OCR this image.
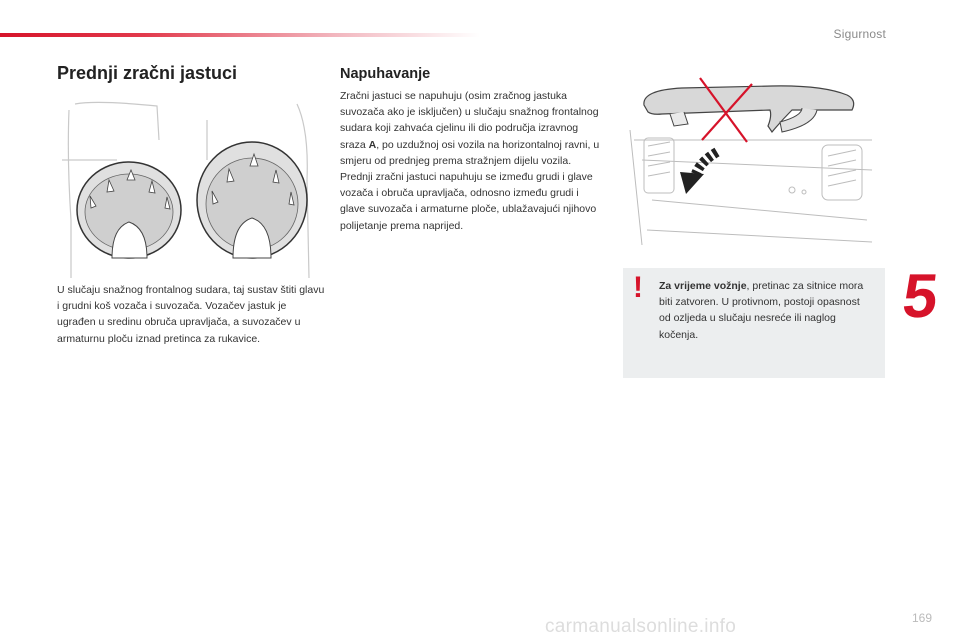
Sigurnost
5
Prednji zračni jastuci
U slučaju snažnog frontalnog sudara, taj sustav štiti glavu i grudni koš vozača i suvozača. Vozačev jastuk je ugrađen u sredinu obruča upravljača, a suvozačev u armaturnu ploču iznad pretinca za rukavice.
Napuhavanje
Zračni jastuci se napuhuju (osim zračnog jastuka suvozača ako je isključen) u slučaju snažnog frontalnog sudara koji zahvaća cjelinu ili dio područja izravnog sraza A, po uzdužnoj osi vozila na horizontalnoj ravni, u smjeru od prednjeg prema stražnjem dijelu vozila.
Prednji zračni jastuci napuhuju se između grudi i glave vozača i obruča upravljača, odnosno između grudi i glave suvozača i armaturne ploče, ublažavajući njihovo polijetanje prema naprijed.
! Za vrijeme vožnje, pretinac za sitnice mora biti zatvoren. U protivnom, postoji opasnost od ozljeda u slučaju nesreće ili naglog kočenja.
169
carmanualsonline.info
